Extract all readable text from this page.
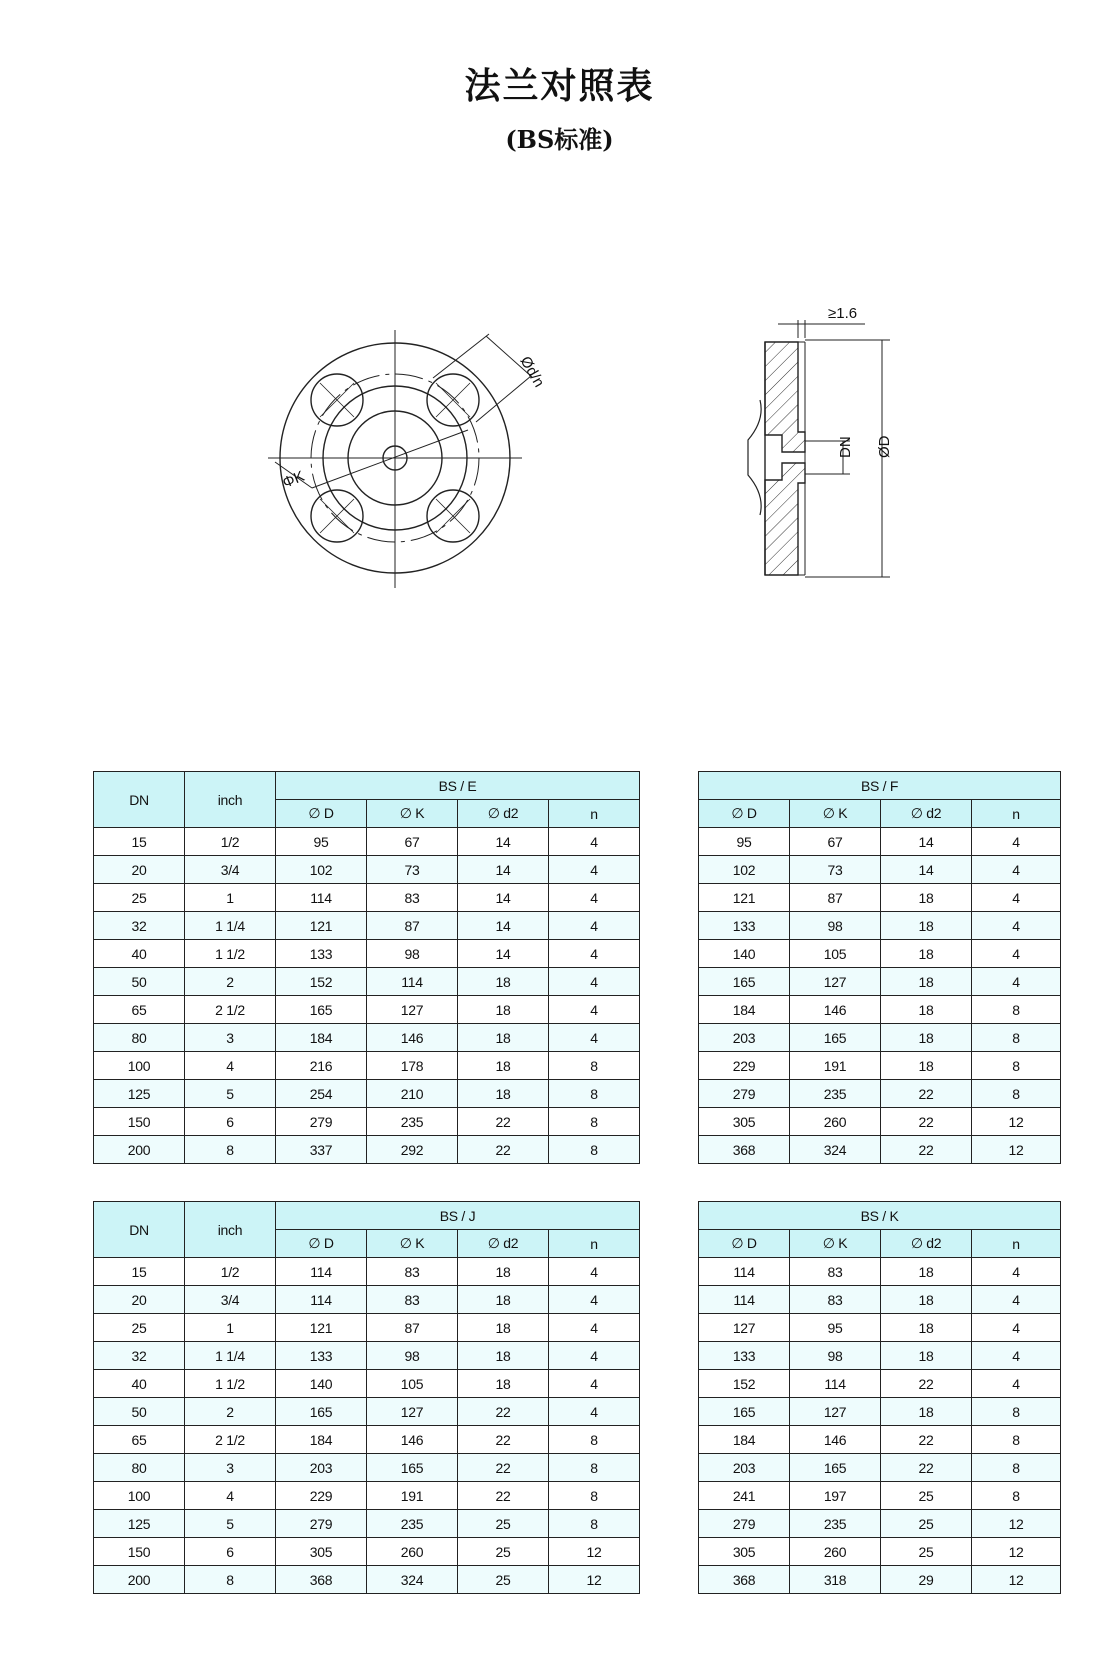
法兰对照表
(BS标准)
ΦK
Ød/n
≥1.6
DN ØD
DN	inch	BS / E					BS / F			
		∅ D	∅ K	∅ d2	n		∅ D	∅ K	∅ d2	n
15	1/2	95	67	14	4		95	67	14	4
20	3/4	102	73	14	4		102	73	14	4
25	1	114	83	14	4		121	87	18	4
32	1 1/4	121	87	14	4		133	98	18	4
40	1 1/2	133	98	14	4		140	105	18	4
50	2	152	114	18	4		165	127	18	4
65	2 1/2	165	127	18	4		184	146	18	8
80	3	184	146	18	4		203	165	18	8
100	4	216	178	18	8		229	191	18	8
125	5	254	210	18	8		279	235	22	8
150	6	279	235	22	8		305	260	22	12
200	8	337	292	22	8		368	324	22	12
DN	inch	BS / J					BS / K			
		∅ D	∅ K	∅ d2	n		∅ D	∅ K	∅ d2	n
15	1/2	114	83	18	4		114	83	18	4
20	3/4	114	83	18	4		114	83	18	4
25	1	121	87	18	4		127	95	18	4
32	1 1/4	133	98	18	4		133	98	18	4
40	1 1/2	140	105	18	4		152	114	22	4
50	2	165	127	22	4		165	127	18	8
65	2 1/2	184	146	22	8		184	146	22	8
80	3	203	165	22	8		203	165	22	8
100	4	229	191	22	8		241	197	25	8
125	5	279	235	25	8		279	235	25	12
150	6	305	260	25	12		305	260	25	12
200	8	368	324	25	12		368	318	29	12
